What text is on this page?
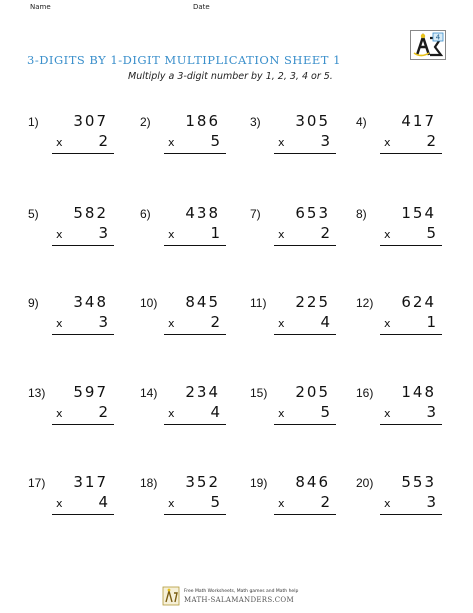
Name	Date
4
3-DIGITS BY 1-DIGIT MULTIPLICATION SHEET 1
Multiply a 3-digit number by 1, 2, 3, 4 or 5.
1) 307
x 2
2) 186
x 5
3) 305
x 3
4) 417
x 2
5) 582
x 3
6) 438
x 1
7) 653
x 2
8) 154
x 5
9) 348
x 3
10) 845
x 2
11) 225
x 4
12) 624
x 1
13) 597
x 2
14) 234
x 4
15) 205
x 5
16) 148
x 3
17) 317
x 4
18) 352
x 5
19) 846
x 2
20) 553
x 3
Free Math Worksheets, Math games and Math help
MATH-SALAMANDERS.COM
